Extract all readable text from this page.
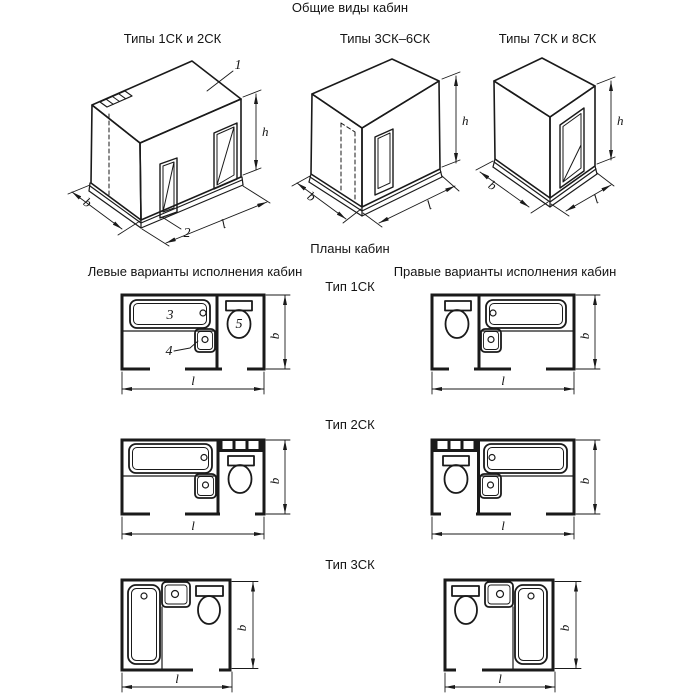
Общие виды кабин
Типы 1СК и 2СК	Типы 3СК–6СК	Типы 7СК и 8СК
Планы кабин
Левые варианты исполнения кабин	Правые варианты исполнения кабин
Тип 1СК
Тип 2СК
Тип 3СК
1
2
h
b
l
h
b
l
h
b
l
3
4
5
b
l
b
l
b
l
b
l
b
l
b
l
